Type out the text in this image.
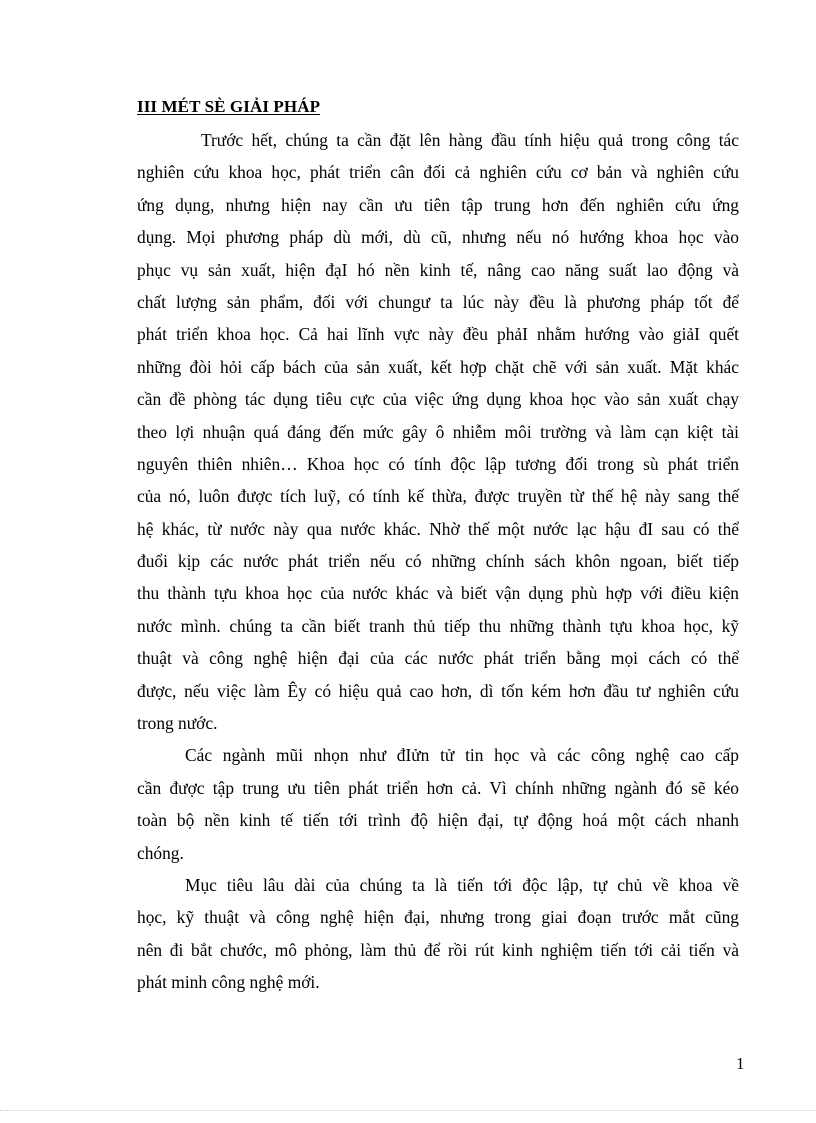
III MÉT SÈ GIẢI PHÁP
Trước hết, chúng ta cần đặt lên hàng đầu tính hiệu quả trong công tác
nghiên cứu khoa học, phát triển cân đối cả nghiên cứu cơ bản và nghiên cứu
ứng dụng, nhưng hiện nay cần ưu tiên tập trung hơn đến nghiên cứu ứng
dụng. Mọi phương pháp dù mới, dù cũ, nhưng nếu nó hướng khoa học vào
phục vụ sản xuất, hiện đạI hó nền kinh tế, nâng cao năng suất lao động và
chất lượng sản phẩm, đối với chungư ta lúc này đều là phương pháp tốt để
phát triển khoa học. Cả hai lĩnh vực này đều phảI nhằm hướng vào giảI quết
những đòi hỏi cấp bách của sản xuất, kết hợp chặt chẽ với sản xuất. Mặt khác
cần đề phòng tác dụng tiêu cực của việc ứng dụng khoa học vào sản xuất chạy
theo lợi nhuận quá đáng đến mức gây ô nhiễm môi trường và làm cạn kiệt tài
nguyên thiên nhiên… Khoa học có tính độc lập tương đối trong sù phát triển
của nó, luôn được tích luỹ, có tính kế thừa, được truyền từ thế hệ này sang thế
hệ khác, từ nước này qua nước khác. Nhờ thế một nước lạc hậu đI sau có thể
đuổi kịp các nước phát triển nếu có những chính sách khôn ngoan, biết tiếp
thu thành tựu khoa học của nước khác và biết vận dụng phù hợp với điều kiện
nước mình. chúng ta cần biết tranh thủ tiếp thu những thành tựu khoa học, kỹ
thuật và công nghệ hiện đại của các nước phát triển bằng mọi cách có thể
được, nếu việc làm Êy có hiệu quả cao hơn, dì tốn kém hơn đầu tư nghiên cứu
trong nước.
Các ngành mũi nhọn như đIửn tử tin học và các công nghệ cao cấp
cần được tập trung ưu tiên phát triển hơn cả. Vì chính những ngành đó sẽ kéo
toàn bộ nền kinh tế tiến tới trình độ hiện đại, tự động hoá một cách nhanh
chóng.
Mục tiêu lâu dài của chúng ta là tiến tới độc lập, tự chủ về khoa về
học, kỹ thuật và công nghệ hiện đại, nhưng trong giai đoạn trước mắt cũng
nên đi bắt chước, mô phỏng, làm thủ để rồi rút kinh nghiệm tiến tới cải tiến và
phát minh công nghệ mới.
1
